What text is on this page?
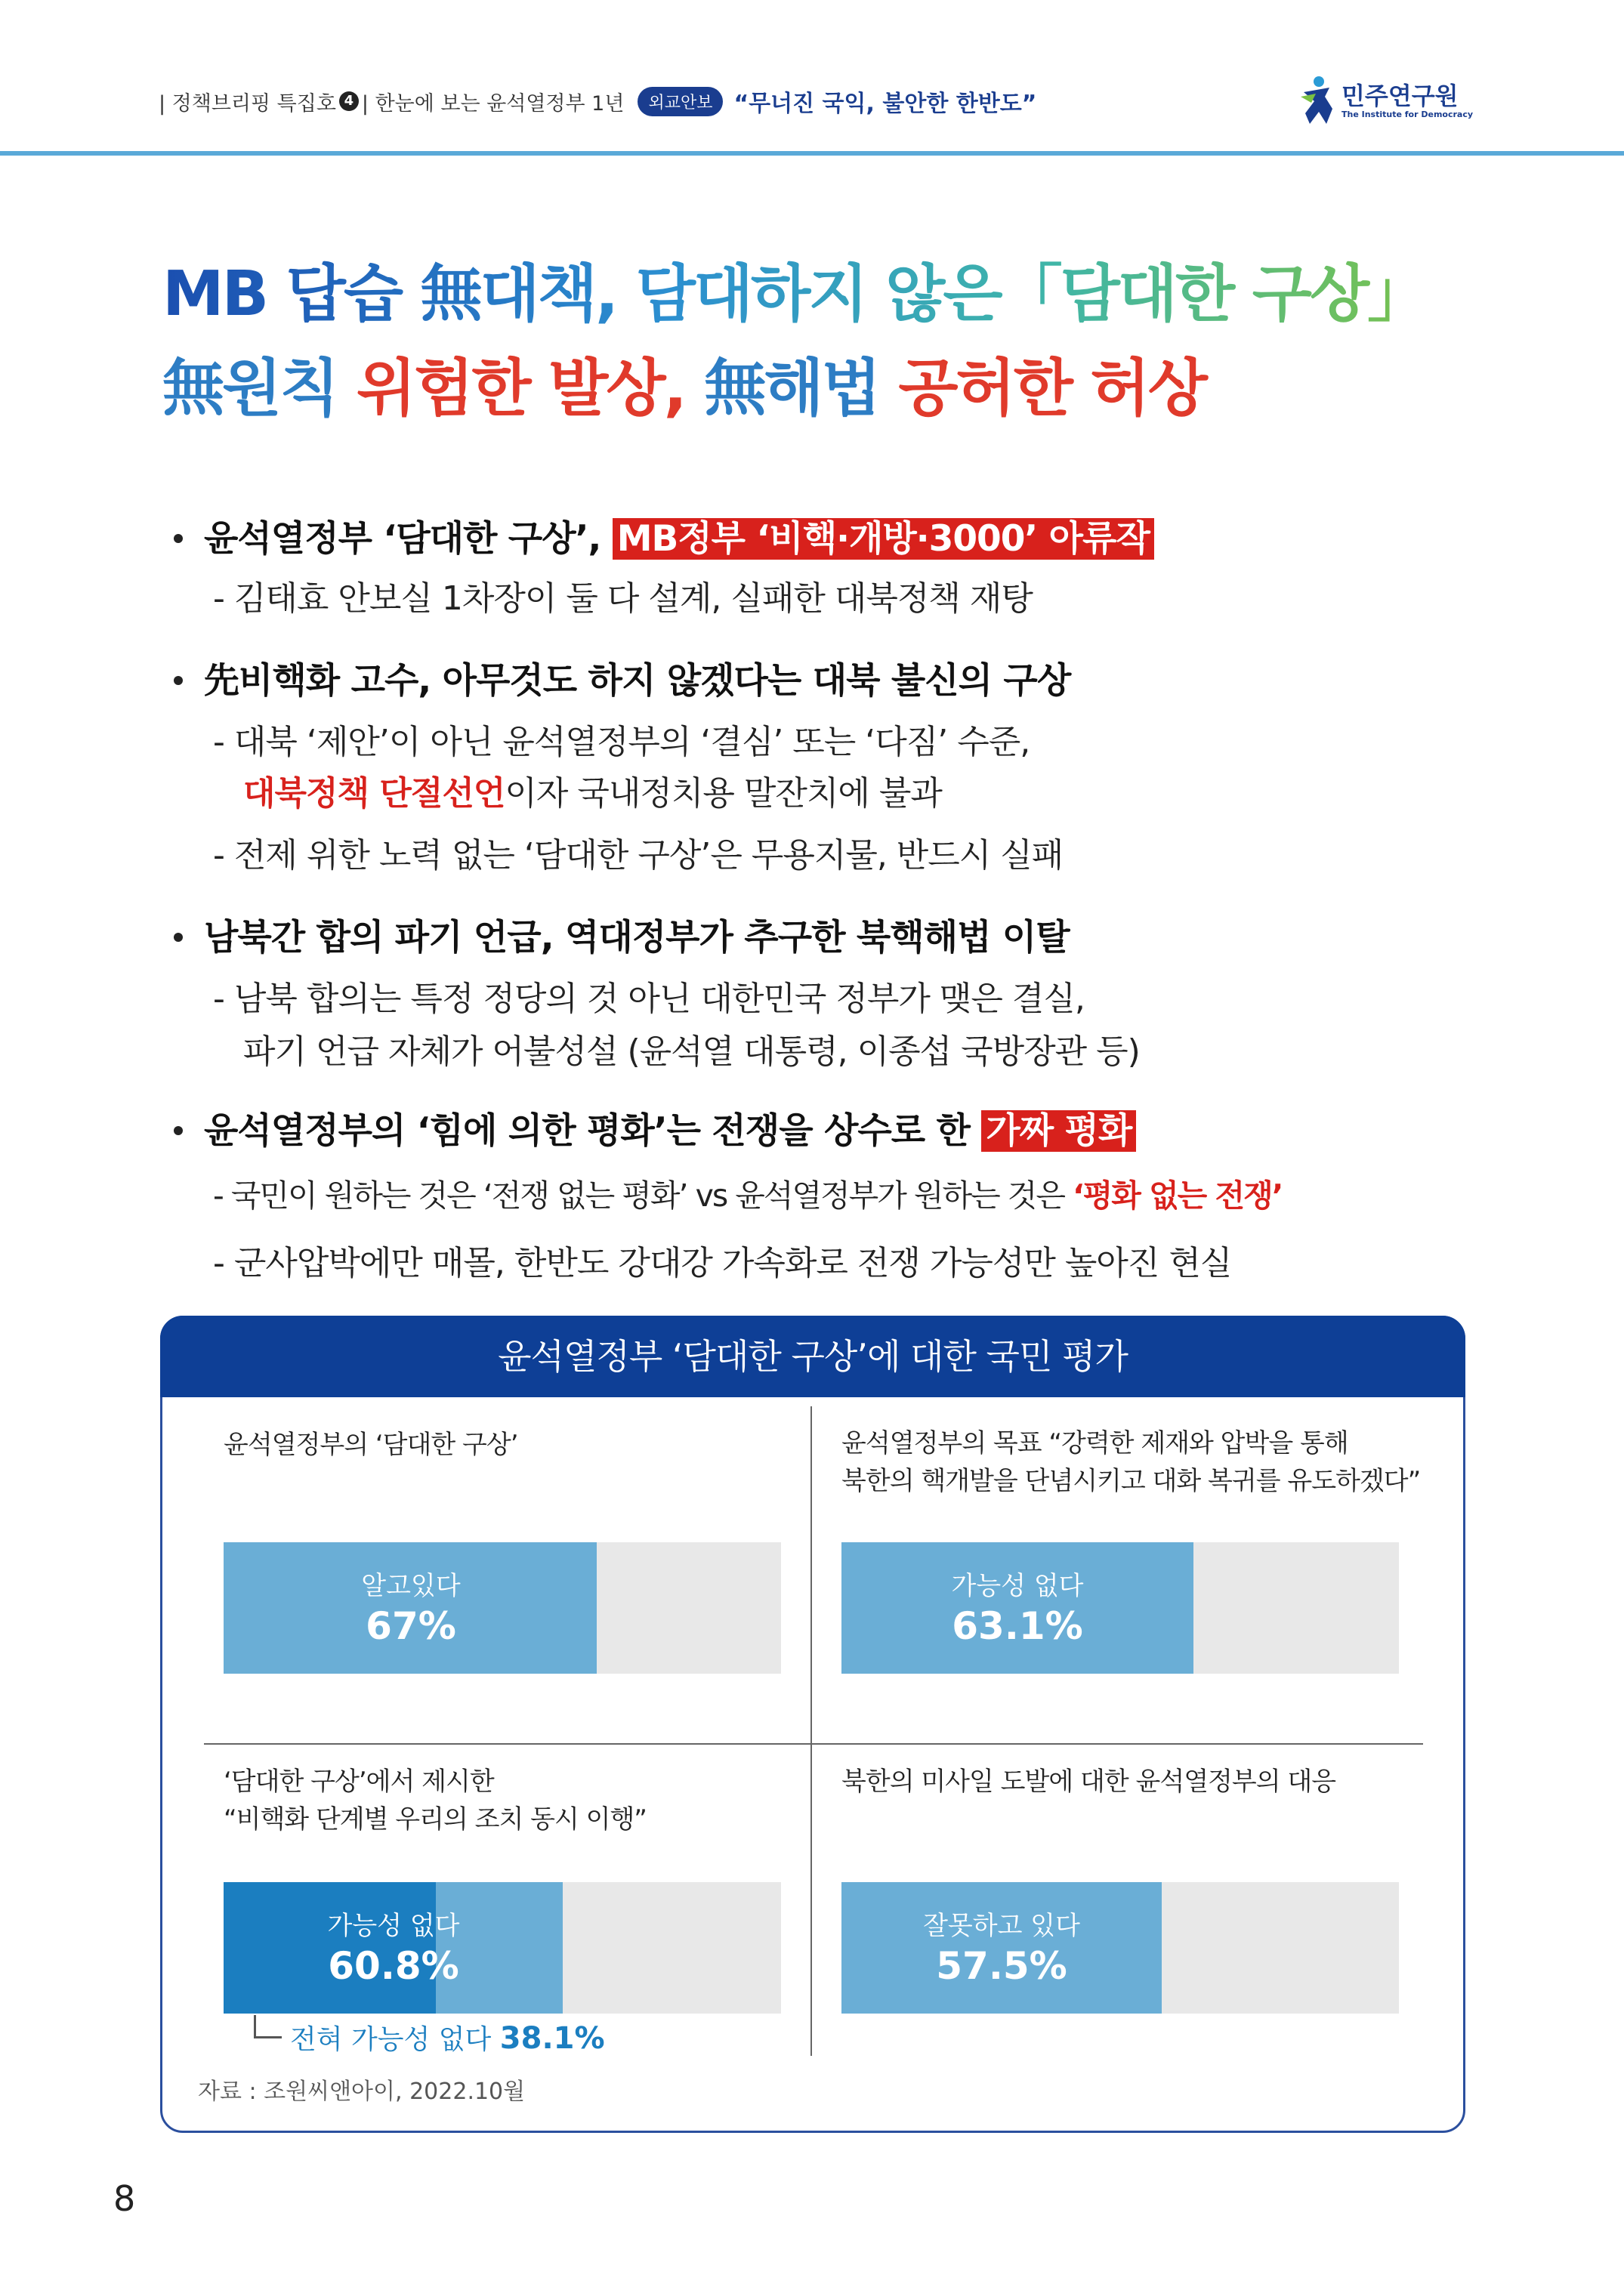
| 정책브리핑 특집호 4 | 한눈에 보는 윤석열정부 1년	외교안보 “무너진 국익, 불안한 한반도”	민주연구원
The Institute for Democracy
MB 답습 無대책, 담대하지 않은「담대한 구상」
無원칙 위험한 발상, 無해법 공허한 허상
윤석열정부 ‘담대한 구상’, MB정부 ‘비핵·개방·3000’ 아류작
- 김태효 안보실 1차장이 둘 다 설계, 실패한 대북정책 재탕
先비핵화 고수, 아무것도 하지 않겠다는 대북 불신의 구상
- 대북 ‘제안’이 아닌 윤석열정부의 ‘결심’ 또는 ‘다짐’ 수준,
대북정책 단절선언이자 국내정치용 말잔치에 불과
- 전제 위한 노력 없는 ‘담대한 구상’은 무용지물, 반드시 실패
남북간 합의 파기 언급, 역대정부가 추구한 북핵해법 이탈
- 남북 합의는 특정 정당의 것 아닌 대한민국 정부가 맺은 결실,
파기 언급 자체가 어불성설 (윤석열 대통령, 이종섭 국방장관 등)
윤석열정부의 ‘힘에 의한 평화’는 전쟁을 상수로 한 가짜 평화
- 국민이 원하는 것은 ‘전쟁 없는 평화’ vs 윤석열정부가 원하는 것은 ‘평화 없는 전쟁’
- 군사압박에만 매몰, 한반도 강대강 가속화로 전쟁 가능성만 높아진 현실
윤석열정부 ‘담대한 구상’에 대한 국민 평가
윤석열정부의 ‘담대한 구상’
알고있다
67%
윤석열정부의 목표 “강력한 제재와 압박을 통해
북한의 핵개발을 단념시키고 대화 복귀를 유도하겠다”
가능성 없다
63.1%
‘담대한 구상’에서 제시한
“비핵화 단계별 우리의 조치 동시 이행”
가능성 없다
60.8%
전혀 가능성 없다 38.1%
북한의 미사일 도발에 대한 윤석열정부의 대응
잘못하고 있다
57.5%
자료 : 조원씨앤아이, 2022.10월
8
